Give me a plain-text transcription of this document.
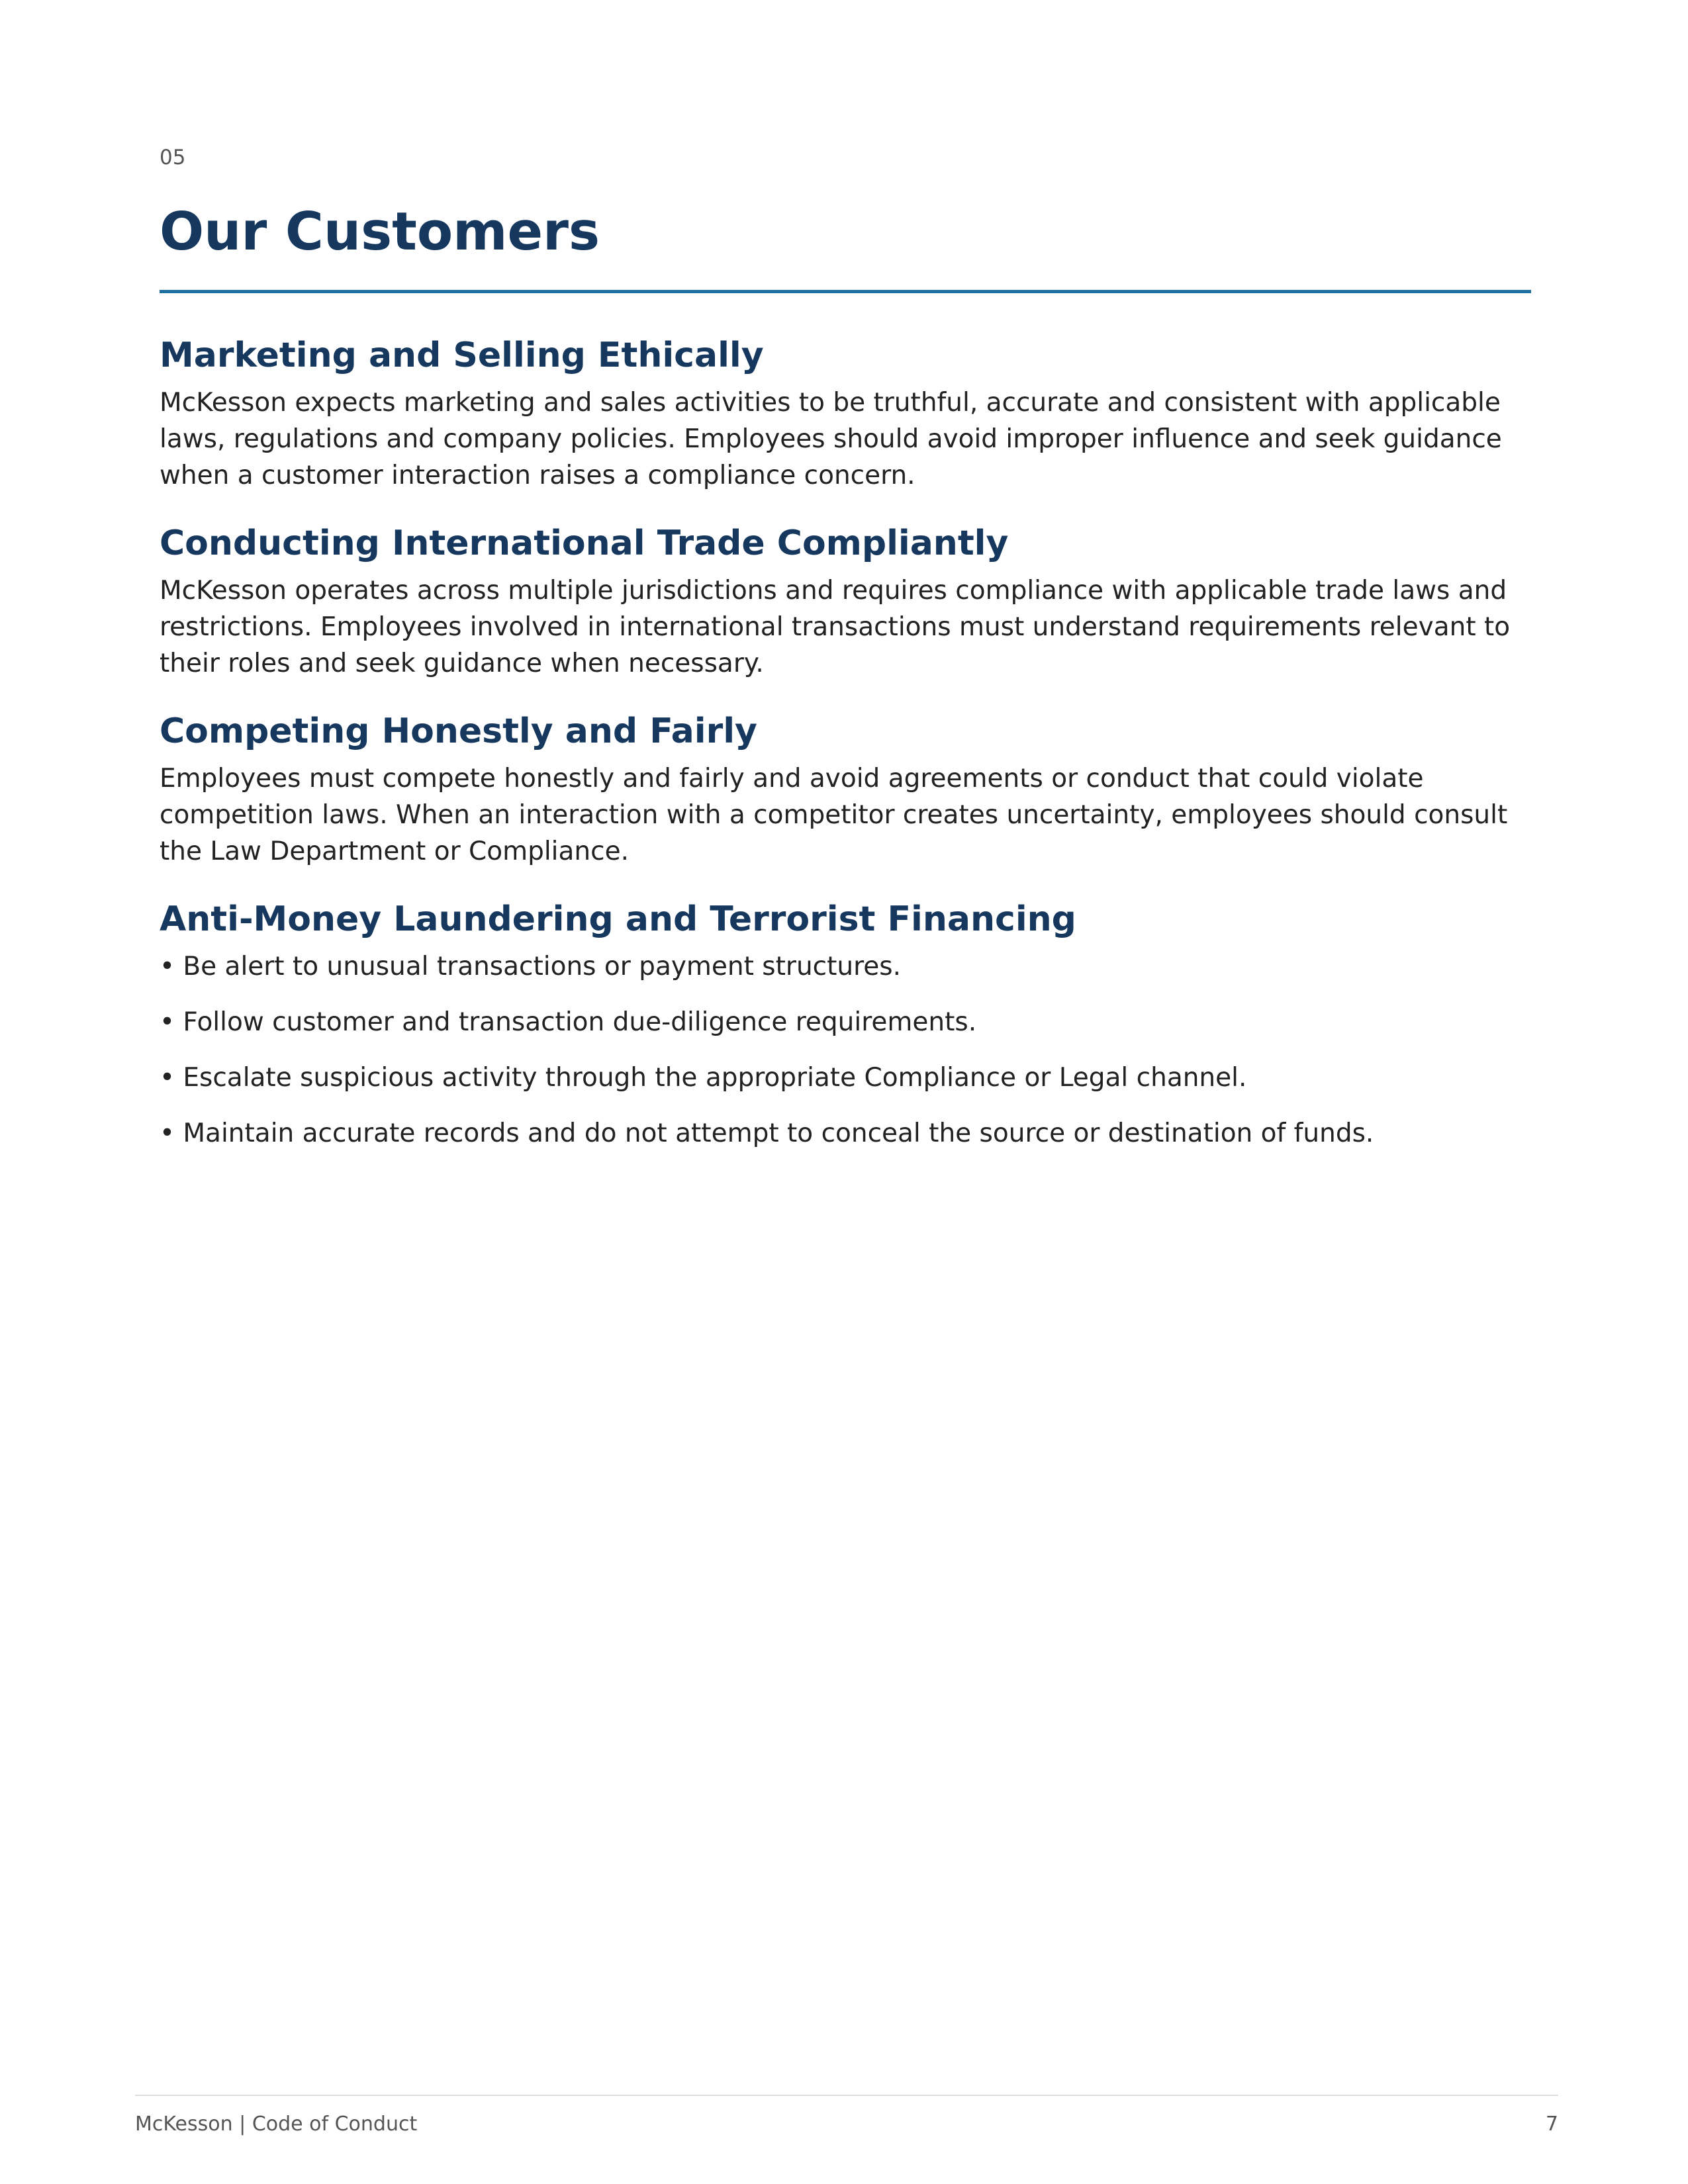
05

Our Customers
Marketing and Selling Ethically

McKesson expects marketing and sales activities to be truthful, accurate and consistent with applicable laws, regulations and company policies. Employees should avoid improper influence and seek guidance when a customer interaction raises a compliance concern.

Conducting International Trade Compliantly

McKesson operates across multiple jurisdictions and requires compliance with applicable trade laws and restrictions. Employees involved in international transactions must understand requirements relevant to their roles and seek guidance when necessary.

Competing Honestly and Fairly

Employees must compete honestly and fairly and avoid agreements or conduct that could violate competition laws. When an interaction with a competitor creates uncertainty, employees should consult the Law Department or Compliance.

Anti-Money Laundering and Terrorist Financing

• Be alert to unusual transactions or payment structures.

• Follow customer and transaction due-diligence requirements.

• Escalate suspicious activity through the appropriate Compliance or Legal channel.

• Maintain accurate records and do not attempt to conceal the source or destination of funds.

McKesson | Code of Conduct	7
